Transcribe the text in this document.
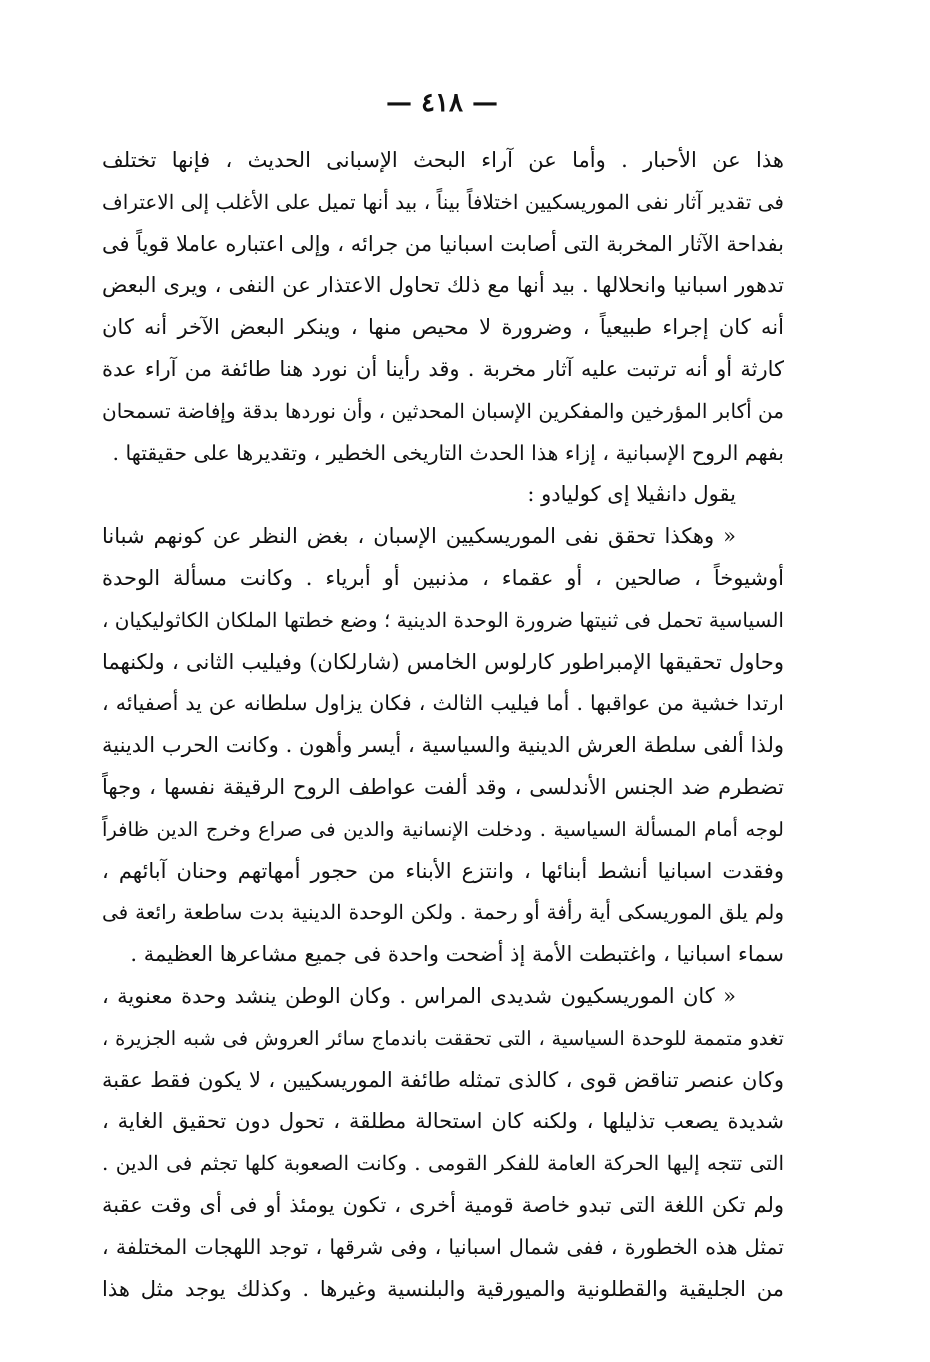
— ٤١٨ —
هذا عن الأحبار . وأما عن آراء البحث الإسبانى الحديث ، فإنها تختلف
فى تقدير آثار نفى الموريسكيين اختلافاً بيناً ، بيد أنها تميل على الأغلب إلى الاعتراف
بفداحة الآثار المخربة التى أصابت اسبانيا من جرائه ، وإلى اعتباره عاملا قوياً فى
تدهور اسبانيا وانحلالها . بيد أنها مع ذلك تحاول الاعتذار عن النفى ، ويرى البعض
أنه كان إجراء طبيعياً ، وضرورة لا محيص منها ، وينكر البعض الآخر أنه كان
كارثة أو أنه ترتبت عليه آثار مخربة . وقد رأينا أن نورد هنا طائفة من آراء عدة
من أكابر المؤرخين والمفكرين الإسبان المحدثين ، وأن نوردها بدقة وإفاضة تسمحان
بفهم الروح الإسبانية ، إزاء هذا الحدث التاريخى الخطير ، وتقديرها على حقيقتها .
يقول دانڤيلا إى كوليادو :
« وهكذا تحقق نفى الموريسكيين الإسبان ، بغض النظر عن كونهم شبانا
أوشيوخاً ، صالحين ، أو عقماء ، مذنبين أو أبرياء . وكانت مسألة الوحدة
السياسية تحمل فى ثنيتها ضرورة الوحدة الدينية ؛ وضع خطتها الملكان الكاثوليكيان ،
وحاول تحقيقها الإمبراطور كارلوس الخامس (شارلكان) وفيليب الثانى ، ولكنهما
ارتدا خشية من عواقبها . أما فيليب الثالث ، فكان يزاول سلطانه عن يد أصفيائه ،
ولذا ألفى سلطة العرش الدينية والسياسية ، أيسر وأهون . وكانت الحرب الدينية
تضطرم ضد الجنس الأندلسى ، وقد ألفت عواطف الروح الرقيقة نفسها ، وجهاً
لوجه أمام المسألة السياسية . ودخلت الإنسانية والدين فى صراع وخرج الدين ظافراً
وفقدت اسبانيا أنشط أبنائها ، وانتزع الأبناء من حجور أمهاتهم وحنان آبائهم ،
ولم يلق الموريسكى أية رأفة أو رحمة . ولكن الوحدة الدينية بدت ساطعة رائعة فى
سماء اسبانيا ، واغتبطت الأمة إذ أضحت واحدة فى جميع مشاعرها العظيمة .
« كان الموريسكيون شديدى المراس . وكان الوطن ينشد وحدة معنوية ،
تغدو متممة للوحدة السياسية ، التى تحققت باندماج سائر العروش فى شبه الجزيرة ،
وكان عنصر تناقض قوى ، كالذى تمثله طائفة الموريسكيين ، لا يكون فقط عقبة
شديدة يصعب تذليلها ، ولكنه كان استحالة مطلقة ، تحول دون تحقيق الغاية ،
التى تتجه إليها الحركة العامة للفكر القومى . وكانت الصعوبة كلها تجثم فى الدين .
ولم تكن اللغة التى تبدو خاصة قومية أخرى ، تكون يومئذ أو فى أى وقت عقبة
تمثل هذه الخطورة ، ففى شمال اسبانيا ، وفى شرقها ، توجد اللهجات المختلفة ،
من الجليقية والقطلونية والميورقية والبلنسية وغيرها . وكذلك يوجد مثل هذا
